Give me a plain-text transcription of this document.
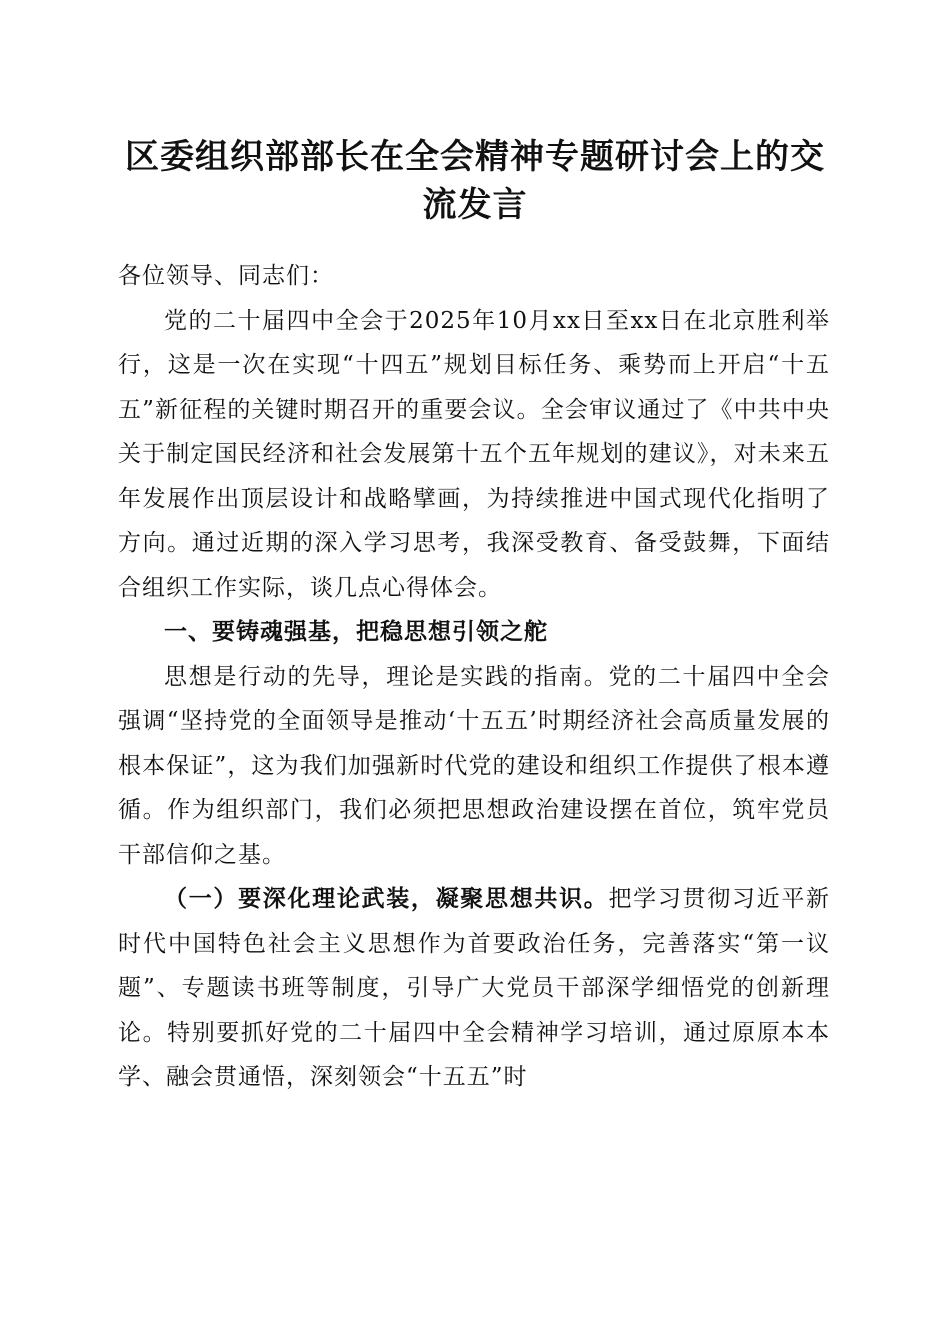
区委组织部部长在全会精神专题研讨会上的交流发言

各位领导、同志们：

党的二十届四中全会于2025年10月xx日至xx日在北京胜利举行，这是一次在实现“十四五”规划目标任务、乘势而上开启“十五五”新征程的关键时期召开的重要会议。全会审议通过了《中共中央关于制定国民经济和社会发展第十五个五年规划的建议》，对未来五年发展作出顶层设计和战略擘画，为持续推进中国式现代化指明了方向。通过近期的深入学习思考，我深受教育、备受鼓舞，下面结合组织工作实际，谈几点心得体会。

一、要铸魂强基，把稳思想引领之舵

思想是行动的先导，理论是实践的指南。党的二十届四中全会强调“坚持党的全面领导是推动‘十五五’时期经济社会高质量发展的根本保证”，这为我们加强新时代党的建设和组织工作提供了根本遵循。作为组织部门，我们必须把思想政治建设摆在首位，筑牢党员干部信仰之基。

（一）要深化理论武装，凝聚思想共识。把学习贯彻习近平新时代中国特色社会主义思想作为首要政治任务，完善落实“第一议题”、专题读书班等制度，引导广大党员干部深学细悟党的创新理论。特别要抓好党的二十届四中全会精神学习培训，通过原原本本学、融会贯通悟，深刻领会“十五五”时
